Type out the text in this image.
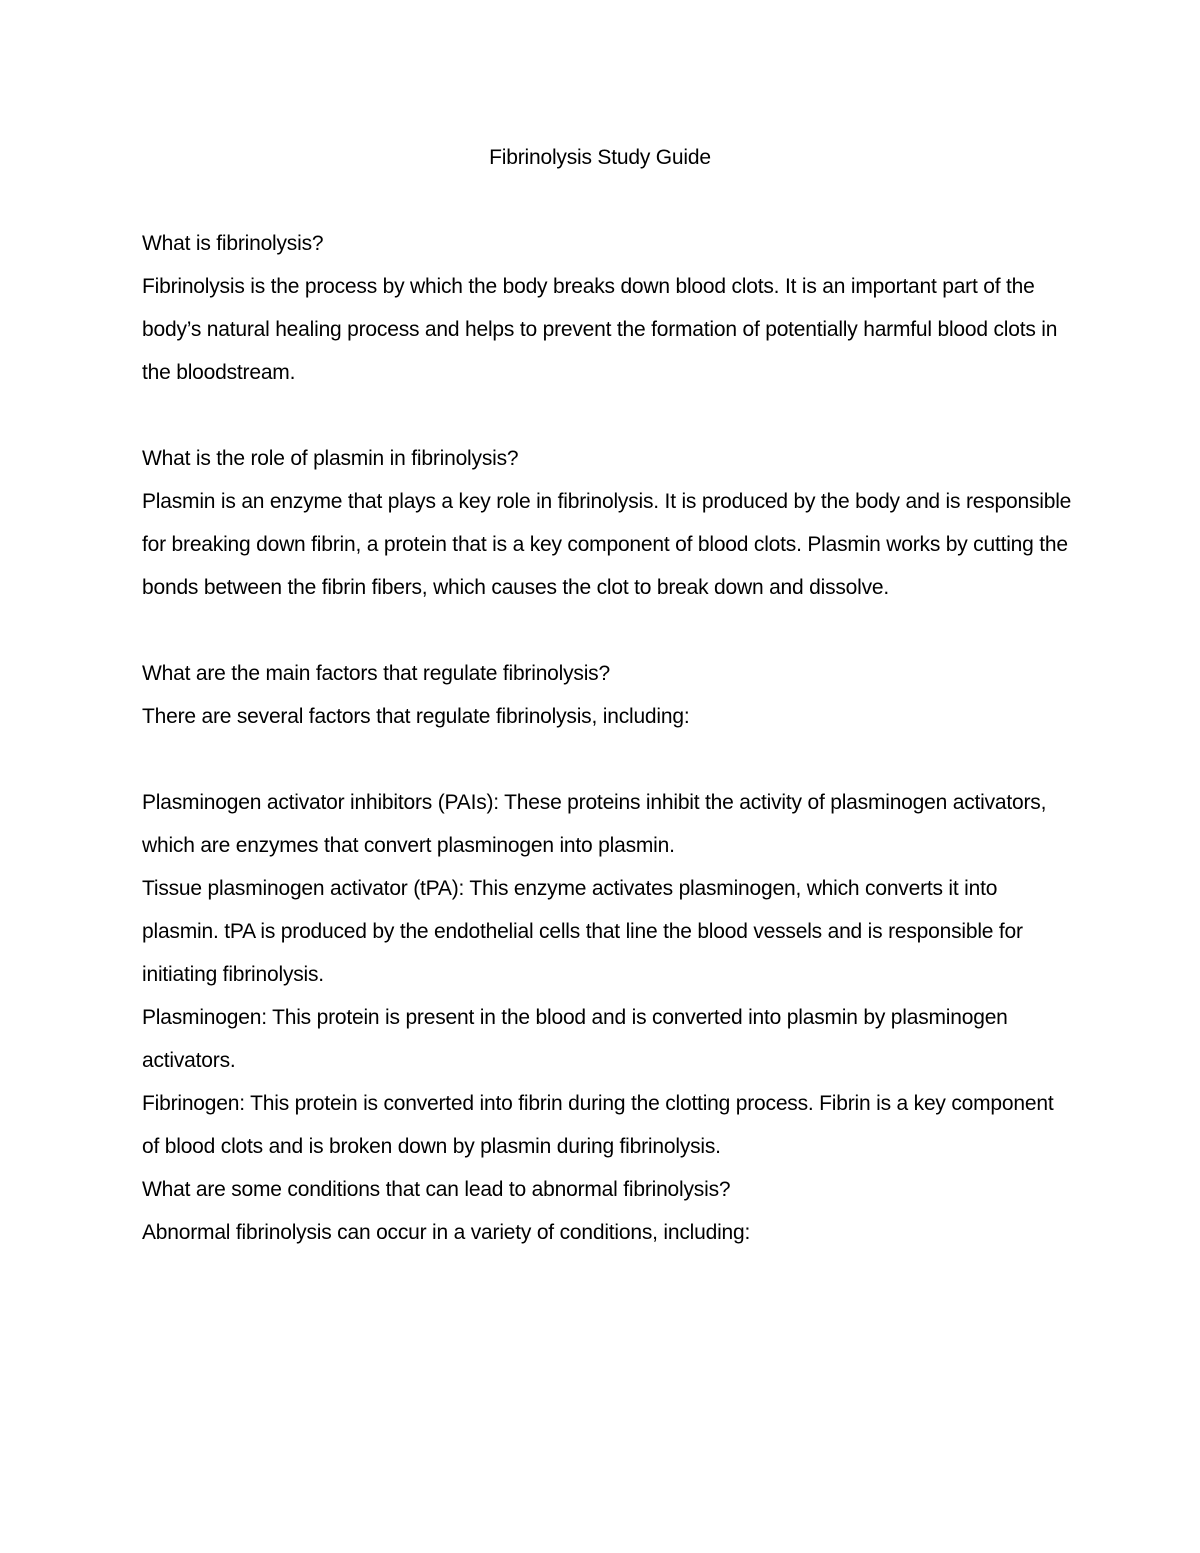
Fibrinolysis Study Guide

What is fibrinolysis?

Fibrinolysis is the process by which the body breaks down blood clots. It is an important part of the body’s natural healing process and helps to prevent the formation of potentially harmful blood clots in the bloodstream.

What is the role of plasmin in fibrinolysis?

Plasmin is an enzyme that plays a key role in fibrinolysis. It is produced by the body and is responsible for breaking down fibrin, a protein that is a key component of blood clots. Plasmin works by cutting the bonds between the fibrin fibers, which causes the clot to break down and dissolve.

What are the main factors that regulate fibrinolysis?

There are several factors that regulate fibrinolysis, including:

Plasminogen activator inhibitors (PAIs): These proteins inhibit the activity of plasminogen activators, which are enzymes that convert plasminogen into plasmin.

Tissue plasminogen activator (tPA): This enzyme activates plasminogen, which converts it into plasmin. tPA is produced by the endothelial cells that line the blood vessels and is responsible for initiating fibrinolysis.

Plasminogen: This protein is present in the blood and is converted into plasmin by plasminogen activators.

Fibrinogen: This protein is converted into fibrin during the clotting process. Fibrin is a key component of blood clots and is broken down by plasmin during fibrinolysis.

What are some conditions that can lead to abnormal fibrinolysis?

Abnormal fibrinolysis can occur in a variety of conditions, including:
